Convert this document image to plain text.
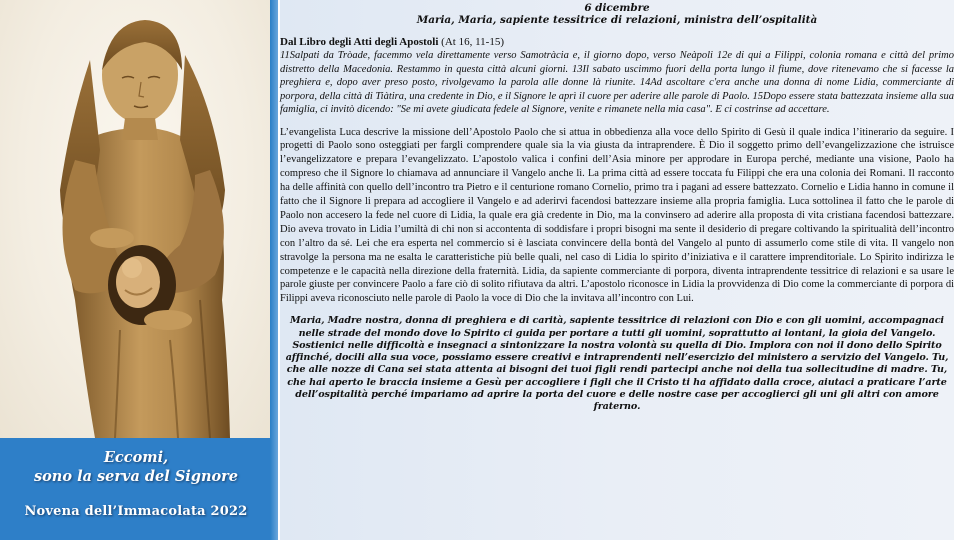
Eccomi,
sono la serva del Signore
Novena dell’Immacolata 2022
6 dicembre
Maria, Maria, sapiente tessitrice di relazioni, ministra dell’ospitalità

Dal Libro degli Atti degli Apostoli (At 16, 11-15)

11Salpati da Tròade, facemmo vela direttamente verso Samotràcia e, il giorno dopo, verso Neàpoli 12e di qui a Filippi, colonia romana e città del primo distretto della Macedonia. Restammo in questa città alcuni giorni. 13Il sabato uscimmo fuori della porta lungo il fiume, dove ritenevamo che si facesse la preghiera e, dopo aver preso posto, rivolgevamo la parola alle donne là riunite. 14Ad ascoltare c'era anche una donna di nome Lidia, commerciante di porpora, della città di Tiàtira, una credente in Dio, e il Signore le aprì il cuore per aderire alle parole di Paolo. 15Dopo essere stata battezzata insieme alla sua famiglia, ci invitò dicendo: "Se mi avete giudicata fedele al Signore, venite e rimanete nella mia casa". E ci costrinse ad accettare.

L’evangelista Luca descrive la missione dell’Apostolo Paolo che si attua in obbedienza alla voce dello Spirito di Gesù il quale indica l’itinerario da seguire. I progetti di Paolo sono osteggiati per fargli comprendere quale sia la via giusta da intraprendere. È Dio il soggetto primo dell’evangelizzazione che istruisce l’evangelizzatore e prepara l’evangelizzato. L’apostolo valica i confini dell’Asia minore per approdare in Europa perché, mediante una visione, Paolo ha compreso che il Signore lo chiamava ad annunciare il Vangelo anche lì. La prima città ad essere toccata fu Filippi che era una colonia dei Romani. Il racconto ha delle affinità con quello dell’incontro tra Pietro e il centurione romano Cornelio, primo tra i pagani ad essere battezzato. Cornelio e Lidia hanno in comune il fatto che il Signore li prepara ad accogliere il Vangelo e ad aderirvi facendosi battezzare insieme alla propria famiglia. Luca sottolinea il fatto che le parole di Paolo non accesero la fede nel cuore di Lidia, la quale era già credente in Dio, ma la convinsero ad aderire alla proposta di vita cristiana facendosi battezzare. Dio aveva trovato in Lidia l’umiltà di chi non si accontenta di soddisfare i propri bisogni ma sente il desiderio di pregare coltivando la spiritualità dell’incontro con l’altro da sé. Lei che era esperta nel commercio si è lasciata convincere della bontà del Vangelo al punto di assumerlo come stile di vita. Il vangelo non stravolge la persona ma ne esalta le caratteristiche più belle quali, nel caso di Lidia lo spirito d’iniziativa e il carattere imprenditoriale. Lo Spirito indirizza le competenze e le capacità nella direzione della fraternità. Lidia, da sapiente commerciante di porpora, diventa intraprendente tessitrice di relazioni e sa usare le parole giuste per convincere Paolo a fare ciò di solito rifiutava da altri. L’apostolo riconosce in Lidia la provvidenza di Dio come la commerciante di porpora di Filippi aveva riconosciuto nelle parole di Paolo la voce di Dio che la invitava all’incontro con Lui.

Maria, Madre nostra, donna di preghiera e di carità, sapiente tessitrice di relazioni con Dio e con gli uomini, accompagnaci nelle strade del mondo dove lo Spirito ci guida per portare a tutti gli uomini, soprattutto ai lontani, la gioia del Vangelo. Sostienici nelle difficoltà e insegnaci a sintonizzare la nostra volontà su quella di Dio. Implora con noi il dono dello Spirito affinché, docili alla sua voce, possiamo essere creativi e intraprendenti nell’esercizio del ministero a servizio del Vangelo. Tu, che alle nozze di Cana sei stata attenta ai bisogni dei tuoi figli rendi partecipi anche noi della tua sollecitudine di madre. Tu, che hai aperto le braccia insieme a Gesù per accogliere i figli che il Cristo ti ha affidato dalla croce, aiutaci a praticare l’arte dell’ospitalità perché impariamo ad aprire la porta del cuore e delle nostre case per accoglierci gli uni gli altri con amore fraterno.
